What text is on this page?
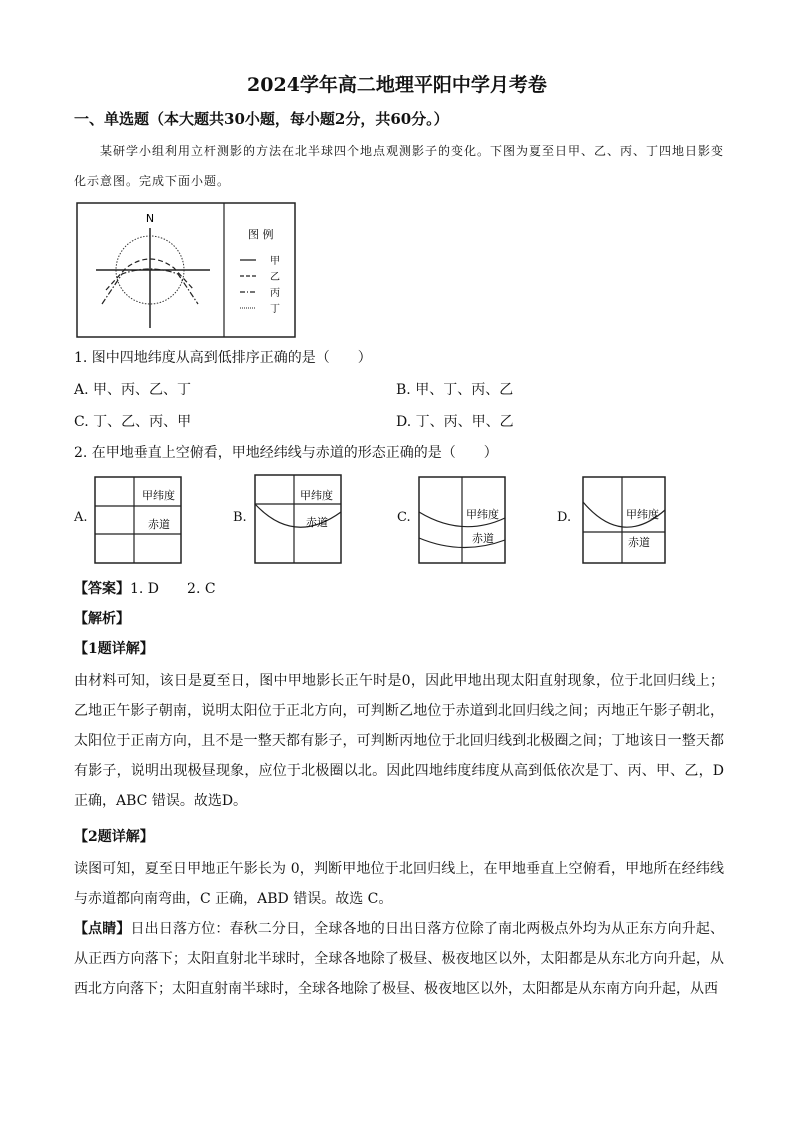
2024学年高二地理平阳中学月考卷
一、单选题（本大题共30小题，每小题2分，共60分。）
某研学小组利用立杆测影的方法在北半球四个地点观测影子的变化。下图为夏至日甲、乙、丙、丁四地日影变化示意图。完成下面小题。
N
图 例
甲
乙
丙
丁
1. 图中四地纬度从高到低排序正确的是（　　）
A. 甲、丙、乙、丁	B. 甲、丁、丙、乙
C. 丁、乙、丙、甲	D. 丁、丙、甲、乙
2. 在甲地垂直上空俯看，甲地经纬线与赤道的形态正确的是（　　）
A.
甲纬度
赤道	B.
甲纬度
赤道	C.	甲纬度
赤道
D.	甲纬度
赤道
【答案】1. D　　2. C
【解析】
【1题详解】
由材料可知，该日是夏至日，图中甲地影长正午时是0，因此甲地出现太阳直射现象，位于北回归线上；乙地正午影子朝南，说明太阳位于正北方向，可判断乙地位于赤道到北回归线之间；丙地正午影子朝北，太阳位于正南方向，且不是一整天都有影子，可判断丙地位于北回归线到北极圈之间；丁地该日一整天都有影子，说明出现极昼现象，应位于北极圈以北。因此四地纬度纬度从高到低依次是丁、丙、甲、乙，D正确，ABC 错误。故选D。
【2题详解】
读图可知，夏至日甲地正午影长为 0，判断甲地位于北回归线上，在甲地垂直上空俯看，甲地所在经纬线与赤道都向南弯曲，C 正确，ABD 错误。故选 C。
【点睛】日出日落方位：春秋二分日，全球各地的日出日落方位除了南北两极点外均为从正东方向升起、从正西方向落下；太阳直射北半球时，全球各地除了极昼、极夜地区以外，太阳都是从东北方向升起，从西北方向落下；太阳直射南半球时，全球各地除了极昼、极夜地区以外，太阳都是从东南方向升起，从西
